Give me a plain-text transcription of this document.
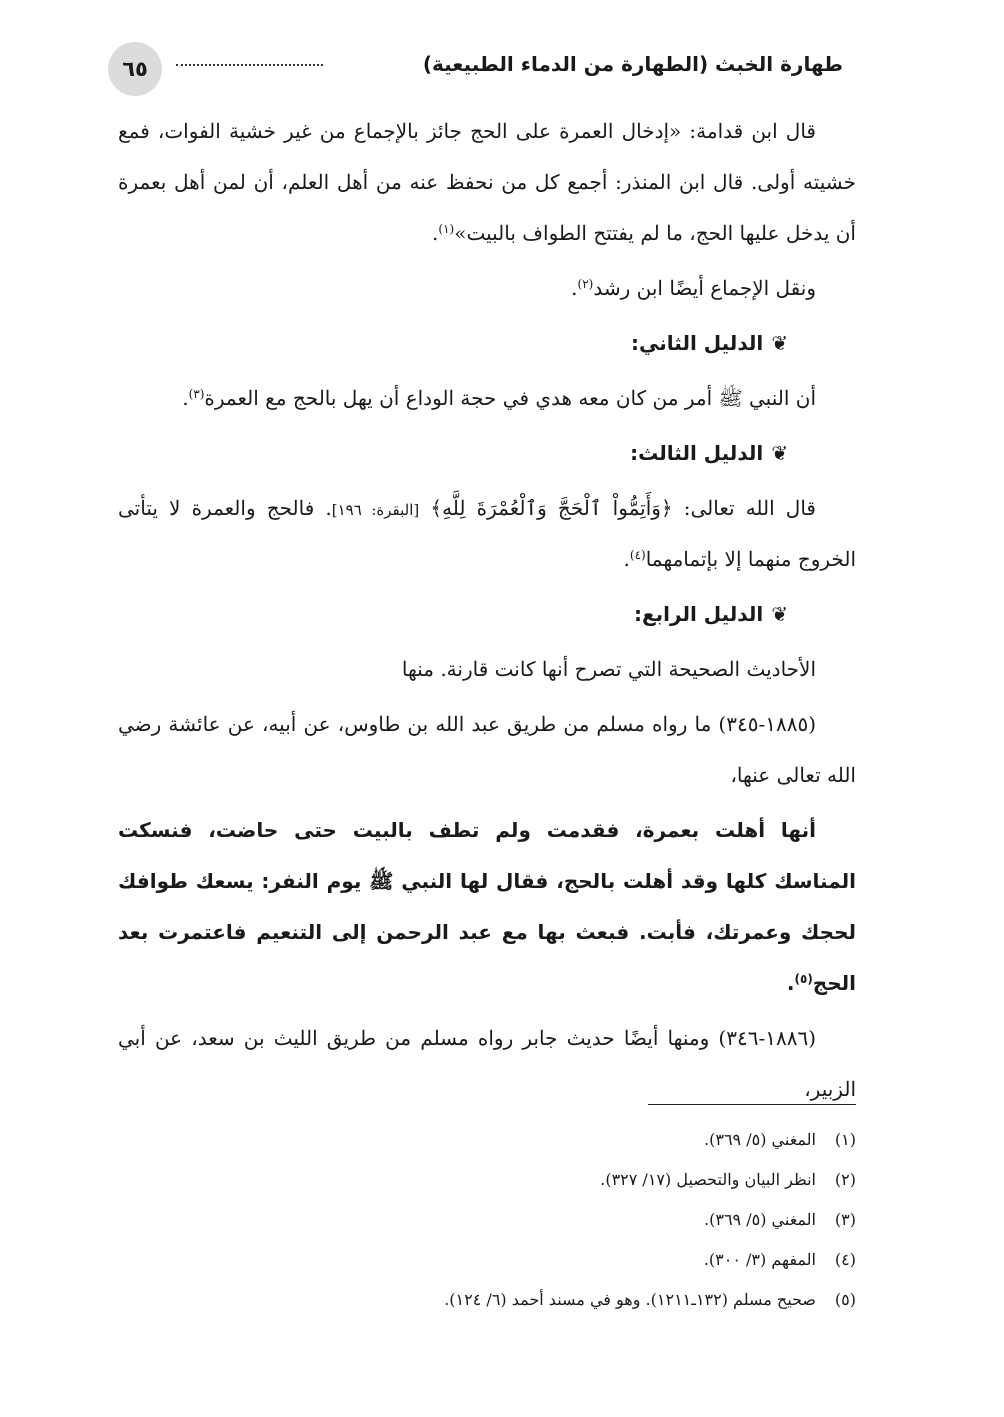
طهارة الخبث (الطهارة من الدماء الطبيعية)
٦٥

قال ابن قدامة: «إدخال العمرة على الحج جائز بالإجماع من غير خشية الفوات، فمع خشيته أولى. قال ابن المنذر: أجمع كل من نحفظ عنه من أهل العلم، أن لمن أهل بعمرة أن يدخل عليها الحج، ما لم يفتتح الطواف بالبيت»$^{(١)}$.

ونقل الإجماع أيضًا ابن رشد$^{(٢)}$.

❦الدليل الثاني:

أن النبي ﷺ أمر من كان معه هدي في حجة الوداع أن يهل بالحج مع العمرة$^{(٣)}$.

❦الدليل الثالث:

قال الله تعالى: ﴿وَأَتِمُّواْ ٱلْحَجَّ وَٱلْعُمْرَةَ لِلَّهِ﴾ [البقرة: ١٩٦]. فالحج والعمرة لا يتأتى الخروج منهما إلا بإتمامهما$^{(٤)}$.

❦الدليل الرابع:

الأحاديث الصحيحة التي تصرح أنها كانت قارنة. منها

(١٨٨٥-٣٤٥) ما رواه مسلم من طريق عبد الله بن طاوس، عن أبيه، عن عائشة رضي الله تعالى عنها،

أنها أهلت بعمرة، فقدمت ولم تطف بالبيت حتى حاضت، فنسكت المناسك كلها وقد أهلت بالحج، فقال لها النبي ﷺ يوم النفر: يسعك طوافك لحجك وعمرتك، فأبت. فبعث بها مع عبد الرحمن إلى التنعيم فاعتمرت بعد الحج$^{(٥)}$.

(١٨٨٦-٣٤٦) ومنها أيضًا حديث جابر رواه مسلم من طريق الليث بن سعد، عن أبي الزبير،

(١)المغني (٥/ ٣٦٩).
(٢)انظر البيان والتحصيل (١٧/ ٣٢٧).
(٣)المغني (٥/ ٣٦٩).
(٤)المفهم (٣/ ٣٠٠).
(٥)صحيح مسلم (١٣٢ـ١٢١١). وهو في مسند أحمد (٦/ ١٢٤).
